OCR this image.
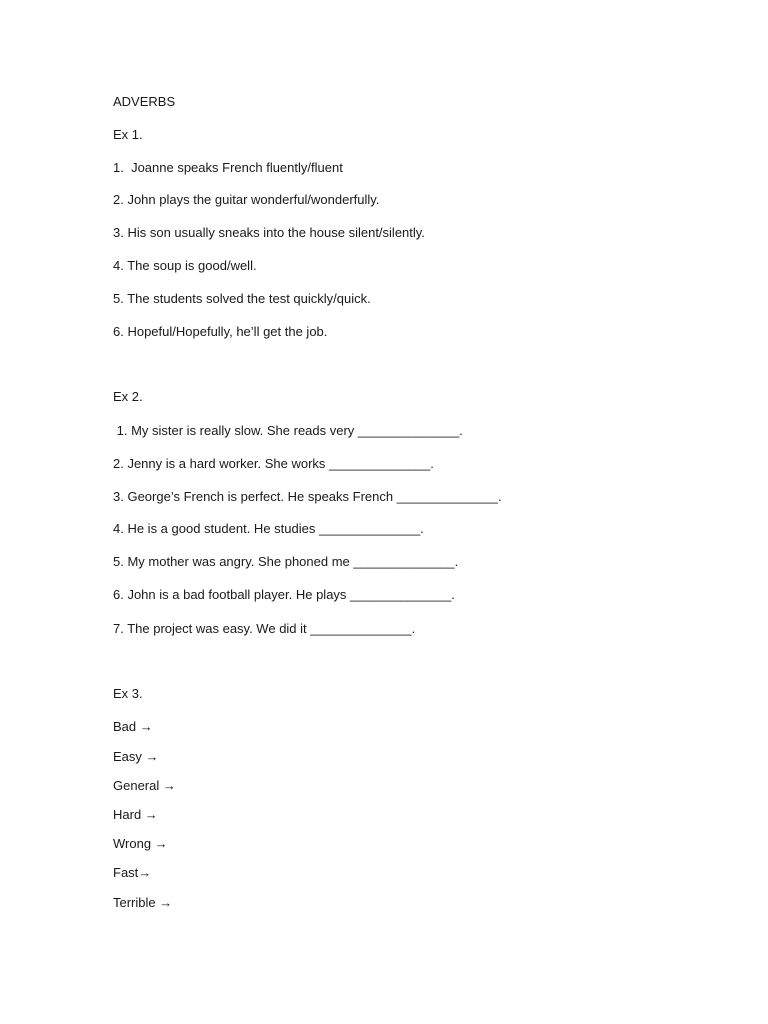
ADVERBS
Ex 1.
1.  Joanne speaks French fluently/fluent
2. John plays the guitar wonderful/wonderfully.
3. His son usually sneaks into the house silent/silently.
4. The soup is good/well.
5. The students solved the test quickly/quick.
6. Hopeful/Hopefully, he’ll get the job.
Ex 2.
1. My sister is really slow. She reads very ______________.
2. Jenny is a hard worker. She works ______________.
3. George’s French is perfect. He speaks French ______________.
4. He is a good student. He studies ______________.
5. My mother was angry. She phoned me ______________.
6. John is a bad football player. He plays ______________.
7. The project was easy. We did it ______________.
Ex 3.
Bad →
Easy →
General →
Hard →
Wrong →
Fast→
Terrible →
